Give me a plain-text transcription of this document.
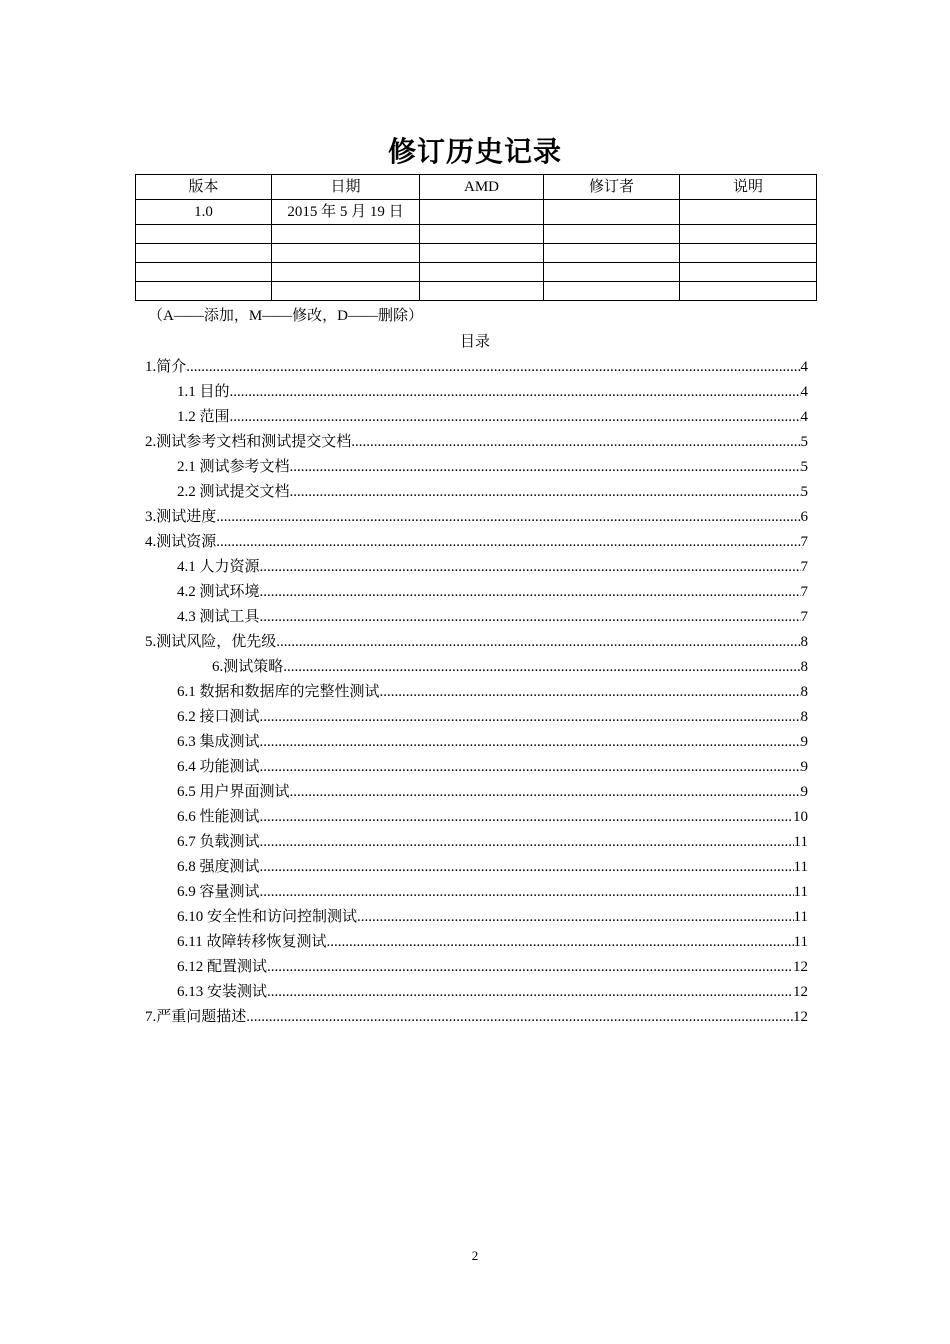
修订历史记录
版本	日期	AMD	修订者	说明
1.0	2015 年 5 月 19 日			

（A——添加，M——修改，D——删除）
目录
1.简介 .....	4
1.1 目的 .....	4
1.2 范围 .....	4
2.测试参考文档和测试提交文档 .....	5
2.1 测试参考文档 .....	5
2.2 测试提交文档 .....	5
3.测试进度 .....	6
4.测试资源 .....	7
4.1 人力资源 .....	7
4.2 测试环境 .....	7
4.3 测试工具 .....	7
5.测试风险，优先级 .....	8
6.测试策略 .....	8
6.1 数据和数据库的完整性测试 .....	8
6.2 接口测试 .....	8
6.3 集成测试 .....	9
6.4 功能测试 .....	9
6.5 用户界面测试 .....	9
6.6 性能测试 .....	10
6.7 负载测试 .....	11
6.8 强度测试 .....	11
6.9 容量测试 .....	11
6.10 安全性和访问控制测试 .....	11
6.11 故障转移恢复测试 .....	11
6.12 配置测试 .....	12
6.13 安装测试 .....	12
7.严重问题描述 .....	12
2
